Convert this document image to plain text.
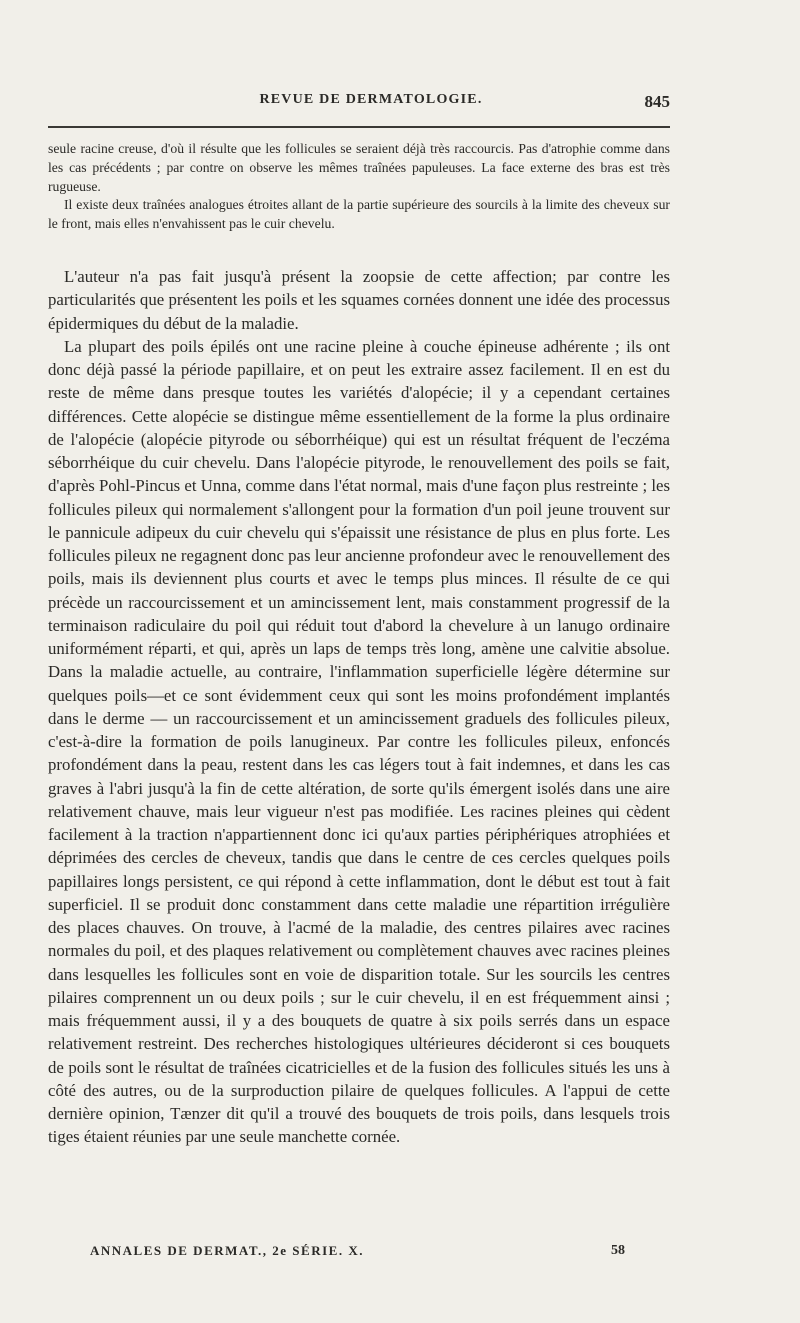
REVUE DE DERMATOLOGIE.	845

seule racine creuse, d'où il résulte que les follicules se seraient déjà très raccourcis. Pas d'atrophie comme dans les cas précédents ; par contre on observe les mêmes traînées papuleuses. La face externe des bras est très rugueuse.

Il existe deux traînées analogues étroites allant de la partie supérieure des sourcils à la limite des cheveux sur le front, mais elles n'envahissent pas le cuir chevelu.

L'auteur n'a pas fait jusqu'à présent la zoopsie de cette affection; par contre les particularités que présentent les poils et les squames cornées donnent une idée des processus épidermiques du début de la maladie.

La plupart des poils épilés ont une racine pleine à couche épineuse adhérente ; ils ont donc déjà passé la période papillaire, et on peut les extraire assez facilement. Il en est du reste de même dans presque toutes les variétés d'alopécie; il y a cependant certaines différences. Cette alopécie se distingue même essentiellement de la forme la plus ordinaire de l'alopécie (alopécie pityrode ou séborrhéique) qui est un résultat fréquent de l'eczéma séborrhéique du cuir chevelu. Dans l'alopécie pityrode, le renouvellement des poils se fait, d'après Pohl-Pincus et Unna, comme dans l'état normal, mais d'une façon plus restreinte ; les follicules pileux qui normalement s'allongent pour la formation d'un poil jeune trouvent sur le pannicule adipeux du cuir chevelu qui s'épaissit une résistance de plus en plus forte. Les follicules pileux ne regagnent donc pas leur ancienne profondeur avec le renouvellement des poils, mais ils deviennent plus courts et avec le temps plus minces. Il résulte de ce qui précède un raccourcissement et un amincissement lent, mais constamment progressif de la terminaison radiculaire du poil qui réduit tout d'abord la chevelure à un lanugo ordinaire uniformément réparti, et qui, après un laps de temps très long, amène une calvitie absolue. Dans la maladie actuelle, au contraire, l'inflammation superficielle légère détermine sur quelques poils—et ce sont évidemment ceux qui sont les moins profondément implantés dans le derme — un raccourcissement et un amincissement graduels des follicules pileux, c'est-à-dire la formation de poils lanugineux. Par contre les follicules pileux, enfoncés profondément dans la peau, restent dans les cas légers tout à fait indemnes, et dans les cas graves à l'abri jusqu'à la fin de cette altération, de sorte qu'ils émergent isolés dans une aire relativement chauve, mais leur vigueur n'est pas modifiée. Les racines pleines qui cèdent facilement à la traction n'appartiennent donc ici qu'aux parties périphériques atrophiées et déprimées des cercles de cheveux, tandis que dans le centre de ces cercles quelques poils papillaires longs persistent, ce qui répond à cette inflammation, dont le début est tout à fait superficiel. Il se produit donc constamment dans cette maladie une répartition irrégulière des places chauves. On trouve, à l'acmé de la maladie, des centres pilaires avec racines normales du poil, et des plaques relativement ou complètement chauves avec racines pleines dans lesquelles les follicules sont en voie de disparition totale. Sur les sourcils les centres pilaires comprennent un ou deux poils ; sur le cuir chevelu, il en est fréquemment ainsi ; mais fréquemment aussi, il y a des bouquets de quatre à six poils serrés dans un espace relativement restreint. Des recherches histologiques ultérieures décideront si ces bouquets de poils sont le résultat de traînées cicatricielles et de la fusion des follicules situés les uns à côté des autres, ou de la surproduction pilaire de quelques follicules. A l'appui de cette dernière opinion, Tænzer dit qu'il a trouvé des bouquets de trois poils, dans lesquels trois tiges étaient réunies par une seule manchette cornée.

ANNALES DE DERMAT., 2e SÉRIE. X.	58
